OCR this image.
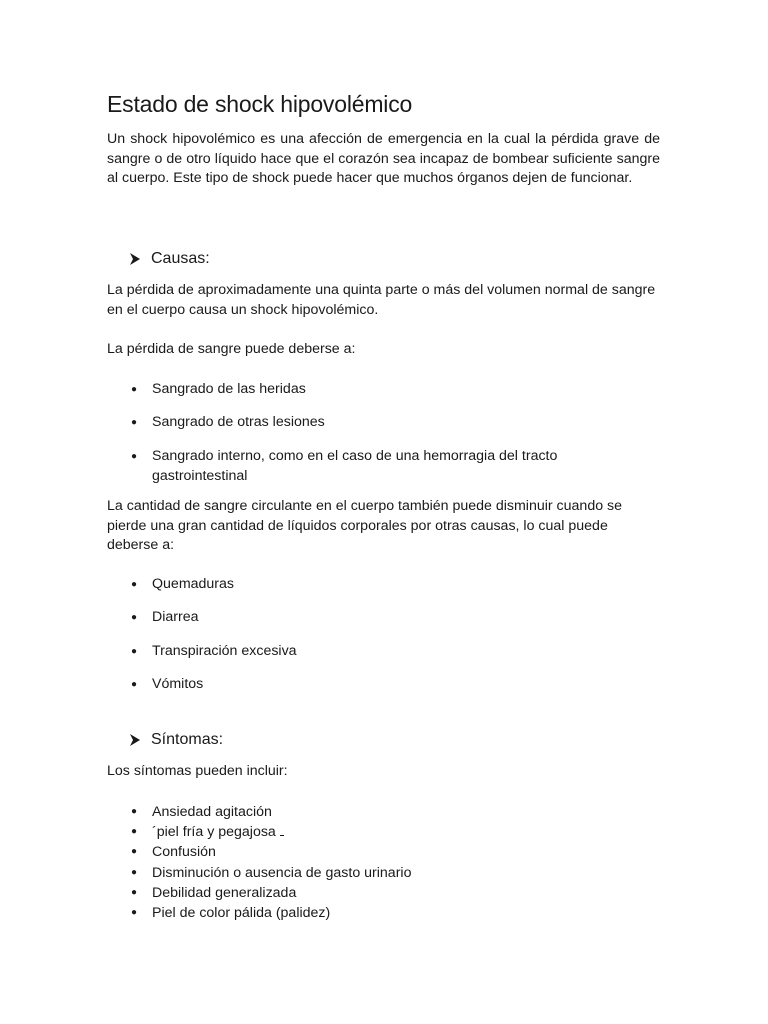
Estado de shock hipovolémico

Un shock hipovolémico es una afección de emergencia en la cual la pérdida grave de sangre o de otro líquido hace que el corazón sea incapaz de bombear suficiente sangre al cuerpo. Este tipo de shock puede hacer que muchos órganos dejen de funcionar.

Causas:

La pérdida de aproximadamente una quinta parte o más del volumen normal de sangre en el cuerpo causa un shock hipovolémico.

La pérdida de sangre puede deberse a:

● Sangrado de las heridas
● Sangrado de otras lesiones
● Sangrado interno, como en el caso de una hemorragia del tracto gastrointestinal

La cantidad de sangre circulante en el cuerpo también puede disminuir cuando se pierde una gran cantidad de líquidos corporales por otras causas, lo cual puede deberse a:

● Quemaduras
● Diarrea
● Transpiración excesiva
● Vómitos
Síntomas:

Los síntomas pueden incluir:

● Ansiedad agitación
● ´piel fría y pegajosa
● Confusión
● Disminución o ausencia de gasto urinario
● Debilidad generalizada
● Piel de color pálida (palidez)
